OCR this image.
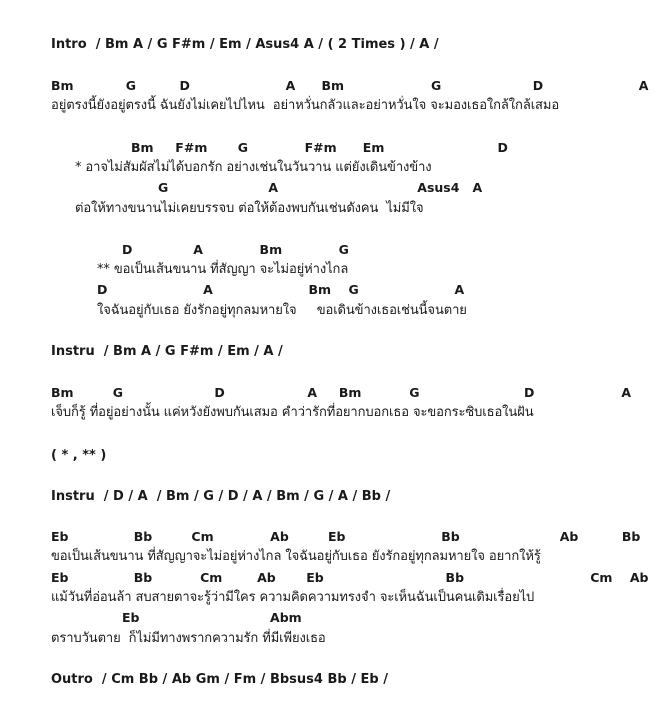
Intro  / Bm A / G F#m / Em / Asus4 A / ( 2 Times ) / A /
Bm            G          D                      A      Bm                    G                     D                      A
อยู่ตรงนี้ยังอยู่ตรงนี้ ฉันยังไม่เคยไปไหน  อย่าหวั่นกลัวและอย่าหวั่นใจ จะมองเธอใกล้ใกล้เสมอ
Bm     F#m       G             F#m      Em                          D
* อาจไม่สัมผัสไม่ได้บอกรัก อย่างเช่นในวันวาน แต่ยังเดินข้างข้าง
G                       A                                Asus4   A
ต่อให้ทางขนานไม่เคยบรรจบ ต่อให้ต้องพบกันเช่นดังคน  ไม่มีใจ
D              A             Bm             G
** ขอเป็นเส้นขนาน ที่สัญญา จะไม่อยู่ห่างไกล
D                      A                      Bm    G                      A
ใจฉันอยู่กับเธอ ยังรักอยู่ทุกลมหายใจ     ขอเดินข้างเธอเช่นนี้จนตาย
Instru  / Bm A / G F#m / Em / A /
Bm         G                     D                   A     Bm           G                        D                    A
เจ็บก็รู้ ที่อยู่อย่างนั้น แค่หวังยังพบกันเสมอ คำว่ารักที่อยากบอกเธอ จะขอกระซิบเธอในฝัน
( * , ** )
Instru  / D / A  / Bm / G / D / A / Bm / G / A / Bb /
Eb               Bb         Cm             Ab         Eb                      Bb                       Ab          Bb
ขอเป็นเส้นขนาน ที่สัญญาจะไม่อยู่ห่างไกล ใจฉันอยู่กับเธอ ยังรักอยู่ทุกลมหายใจ อยากให้รู้
Eb               Bb           Cm        Ab       Eb                            Bb                             Cm    Ab
แม้วันที่อ่อนล้า สบสายตาจะรู้ว่ามีใคร ความคิดความทรงจำ จะเห็นฉันเป็นคนเดิมเรื่อยไป
Eb                              Abm
ตราบวันตาย  ก็ไม่มีทางพรากความรัก ที่มีเพียงเธอ
Outro  / Cm Bb / Ab Gm / Fm / Bbsus4 Bb / Eb /
